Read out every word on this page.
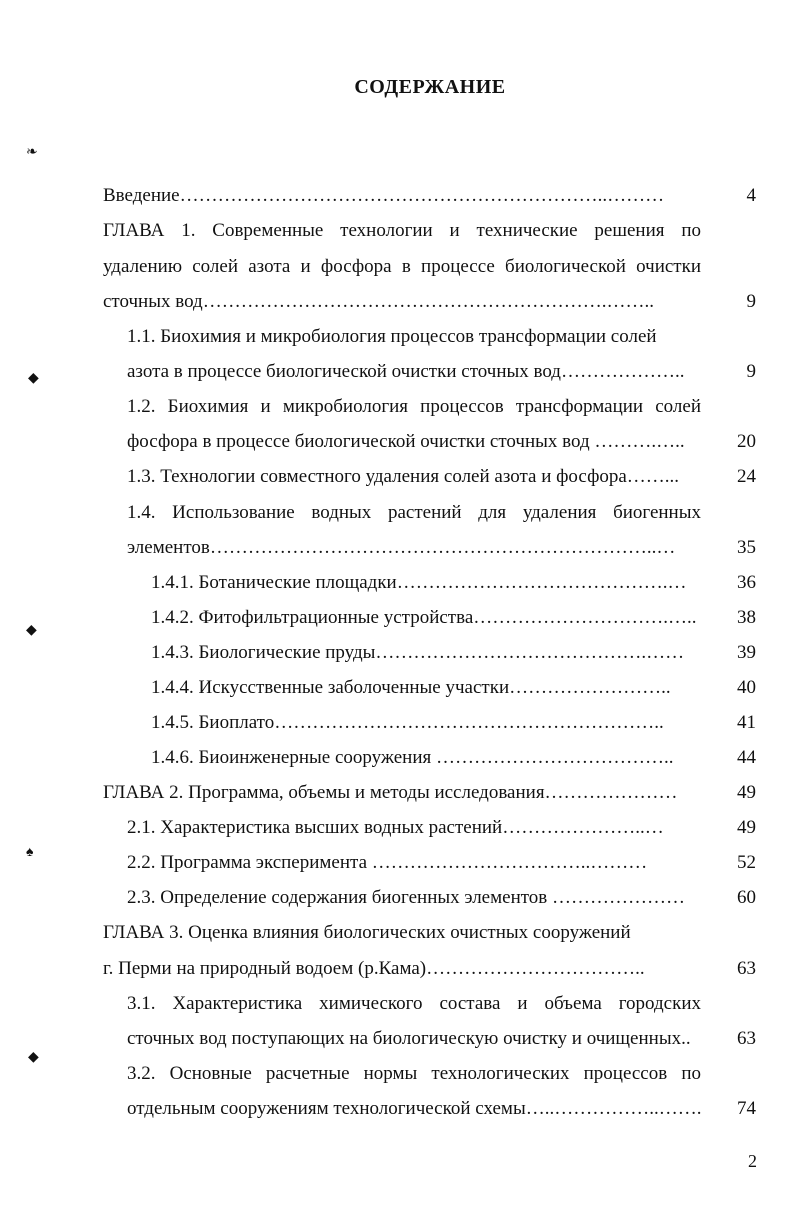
СОДЕРЖАНИЕ
❧
◆
◆
♠
◆
Введение…………………………………………………………..………	4
ГЛАВА 1. Современные технологии и технические решения по
удалению солей азота и фосфора в процессе биологической очистки
сточных вод……………………………………………………….……..	9
1.1. Биохимия и микробиология процессов трансформации солей
азота в процессе биологической очистки сточных вод………………..	9
1.2. Биохимия и микробиология процессов трансформации солей
фосфора в процессе биологической очистки сточных вод ……….…..	20
1.3. Технологии совместного удаления солей азота и фосфора……...	24
1.4. Использование водных растений для удаления биогенных
элементов……………………………………………………………..…	35
1.4.1. Ботанические площадки…………………………………….…	36
1.4.2. Фитофильтрационные устройства………………………….…..	38
1.4.3. Биологические пруды…………………………………….……	39
1.4.4. Искусственные заболоченные участки……………………..	40
1.4.5. Биоплато……………………………………………………..	41
1.4.6. Биоинженерные сооружения ………………………………..	44
ГЛАВА 2. Программа, объемы и методы исследования…………………	49
2.1. Характеристика высших водных растений…………………..…	49
2.2. Программа эксперимента ……………………………..………	52
2.3. Определение содержания биогенных элементов …………………	60
ГЛАВА 3. Оценка влияния биологических очистных сооружений
г. Перми на природный водоем (р.Кама)……………………………..	63
3.1. Характеристика химического состава и объема городских
сточных вод поступающих на биологическую очистку и очищенных..	63
3.2. Основные расчетные нормы технологических процессов по
отдельным сооружениям технологической схемы…..……………..…….	74
2
